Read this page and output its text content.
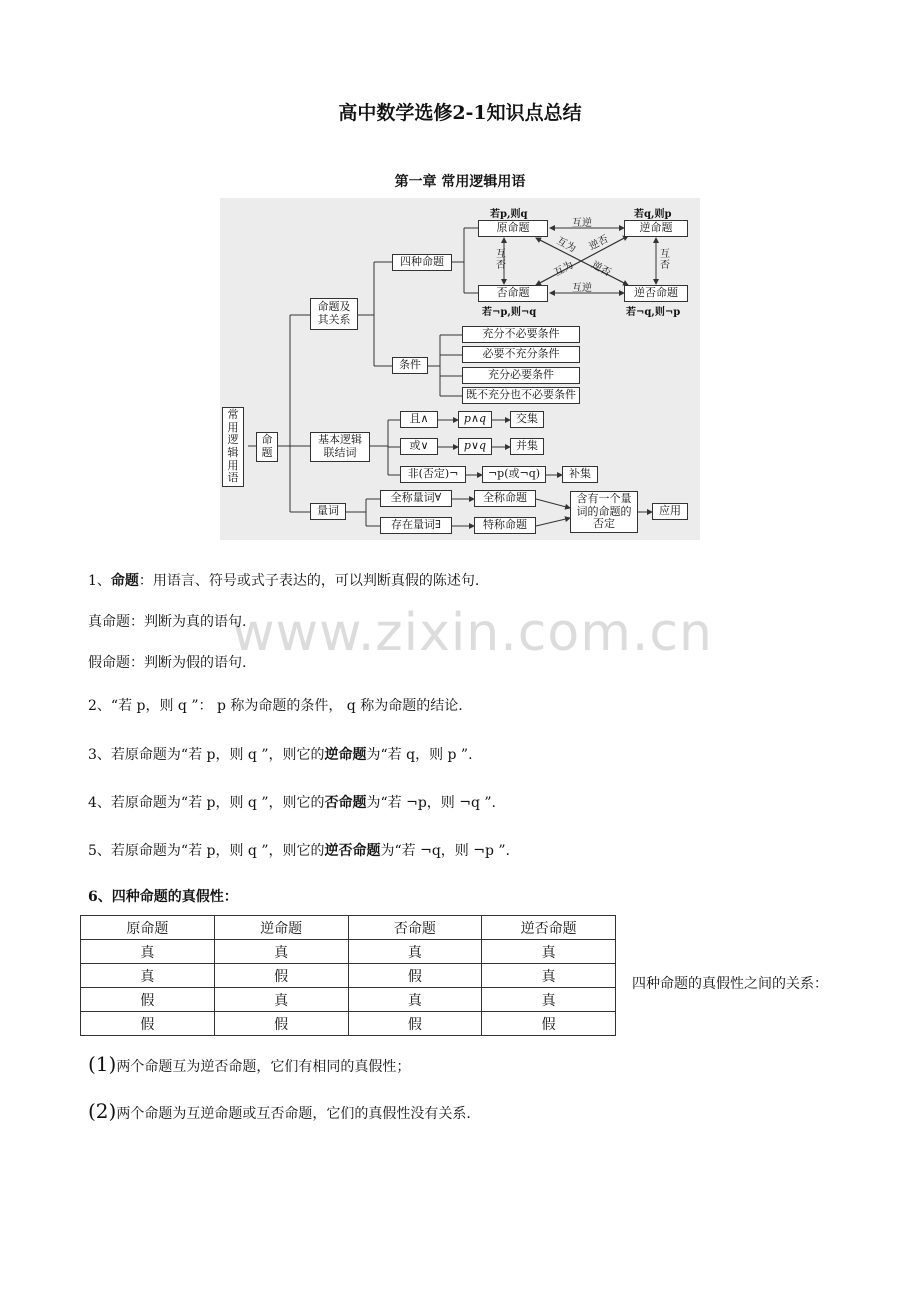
高中数学选修2-1知识点总结
第一章 常用逻辑用语
常用逻辑用语
命题
命题及其关系
四种命题
原命题	逆命题
否命题	逆否命题
若p,则q	若q,则p
若¬p,则¬q	若¬q,则¬p
互逆
互逆
互否
互否
互为 逆否
互为 逆否
条件
充分不必要条件
必要不充分条件
充分必要条件
既不充分也不必要条件
基本逻辑联结词
且∧	p∧q	交集
或∨	p∨q	并集
非(否定)¬	¬p(或¬q)	补集
量词
全称量词∀	全称命题
存在量词∃	特称命题
含有一个量词的命题的否定
应用
www.zixin.com.cn
1、命题：用语言、符号或式子表达的，可以判断真假的陈述句.
真命题：判断为真的语句.
假命题：判断为假的语句.
2、“若 p，则 q ”： p 称为命题的条件， q 称为命题的结论.
3、若原命题为“若 p，则 q ”，则它的逆命题为“若 q，则 p ”.
4、若原命题为“若 p，则 q ”，则它的否命题为“若 ¬p，则 ¬q ”.
5、若原命题为“若 p，则 q ”，则它的逆否命题为“若 ¬q，则 ¬p ”.
6、四种命题的真假性：
原命题	逆命题	否命题	逆否命题
真	真	真	真
真	假	假	真
假	真	真	真
假	假	假	假
四种命题的真假性之间的关系：
(1)两个命题互为逆否命题，它们有相同的真假性；
(2)两个命题为互逆命题或互否命题，它们的真假性没有关系.
